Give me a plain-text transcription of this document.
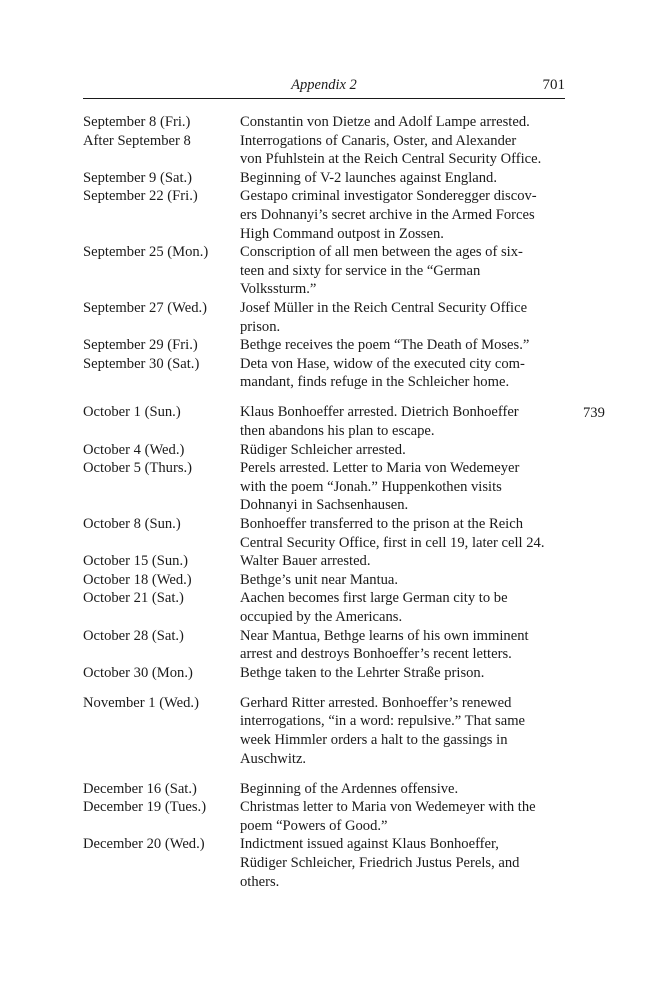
Appendix 2	701
September 8 (Fri.)	Constantin von Dietze and Adolf Lampe arrested.
After September 8	Interrogations of Canaris, Oster, and Alexander
von Pfuhlstein at the Reich Central Security Office.
September 9 (Sat.)	Beginning of V-2 launches against England.
September 22 (Fri.)	Gestapo criminal investigator Sonderegger discov-
ers Dohnanyi’s secret archive in the Armed Forces
High Command outpost in Zossen.
September 25 (Mon.)	Conscription of all men between the ages of six-
teen and sixty for service in the “German
Volkssturm.”
September 27 (Wed.)	Josef Müller in the Reich Central Security Office
prison.
September 29 (Fri.)	Bethge receives the poem “The Death of Moses.”
September 30 (Sat.)	Deta von Hase, widow of the executed city com-
mandant, finds refuge in the Schleicher home.
October 1 (Sun.)	Klaus Bonhoeffer arrested. Dietrich Bonhoeffer
then abandons his plan to escape.
October 4 (Wed.)	Rüdiger Schleicher arrested.
October 5 (Thurs.)	Perels arrested. Letter to Maria von Wedemeyer
with the poem “Jonah.” Huppenkothen visits
Dohnanyi in Sachsenhausen.
October 8 (Sun.)	Bonhoeffer transferred to the prison at the Reich
Central Security Office, first in cell 19, later cell 24.
October 15 (Sun.)	Walter Bauer arrested.
October 18 (Wed.)	Bethge’s unit near Mantua.
October 21 (Sat.)	Aachen becomes first large German city to be
occupied by the Americans.
October 28 (Sat.)	Near Mantua, Bethge learns of his own imminent
arrest and destroys Bonhoeffer’s recent letters.
October 30 (Mon.)	Bethge taken to the Lehrter Straße prison.
November 1 (Wed.)	Gerhard Ritter arrested. Bonhoeffer’s renewed
interrogations, “in a word: repulsive.” That same
week Himmler orders a halt to the gassings in
Auschwitz.
December 16 (Sat.)	Beginning of the Ardennes offensive.
December 19 (Tues.)	Christmas letter to Maria von Wedemeyer with the
poem “Powers of Good.”
December 20 (Wed.)	Indictment issued against Klaus Bonhoeffer,
Rüdiger Schleicher, Friedrich Justus Perels, and
others.
739
